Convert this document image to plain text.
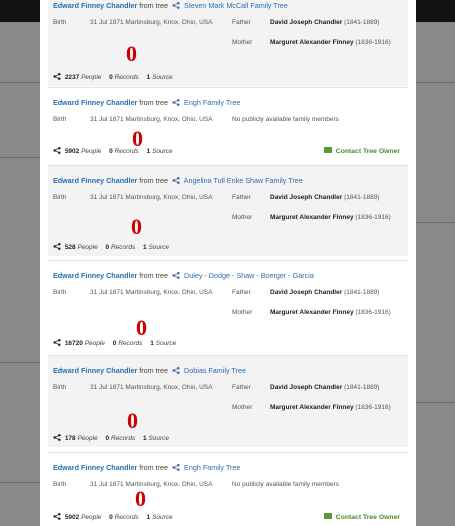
Edward Finney Chandler from tree Steven Mark McCall Family Tree
Birth	31 Jul 1871 Martinsburg, Knox, Ohio, USA	Father	David Joseph Chandler (1841-1889)
Mother	Marguret Alexander Finney (1836-1916)
2237 People 0 Records 1 Source
0
Edward Finney Chandler from tree Engh Family Tree
Birth	31 Jul 1871 Martinsburg, Knox, Ohio, USA	No publicly available family members
5902 People 0 Records 1 Source	Contact Tree Owner
0
Edward Finney Chandler from tree Angelina Tull Enke Shaw Family Tree
Birth	31 Jul 1871 Martinsburg, Knox, Ohio, USA	Father	David Joseph Chandler (1841-1889)
Mother	Marguret Alexander Finney (1836-1916)
528 People 0 Records 1 Source
0
Edward Finney Chandler from tree Duley - Dodge - Shaw - Boerger - Garcia
Birth	31 Jul 1871 Martinsburg, Knox, Ohio, USA	Father	David Joseph Chandler (1841-1889)
Mother	Marguret Alexander Finney (1836-1916)
16720 People 0 Records 1 Source
0
Edward Finney Chandler from tree Dobias Family Tree
Birth	31 Jul 1871 Martinsburg, Knox, Ohio, USA	Father	David Joseph Chandler (1841-1889)
Mother	Marguret Alexander Finney (1836-1916)
178 People 0 Records 1 Source
0
Edward Finney Chandler from tree Engh Family Tree
Birth	31 Jul 1871 Martinsburg, Knox, Ohio, USA	No publicly available family members
5902 People 0 Records 1 Source	Contact Tree Owner
0
